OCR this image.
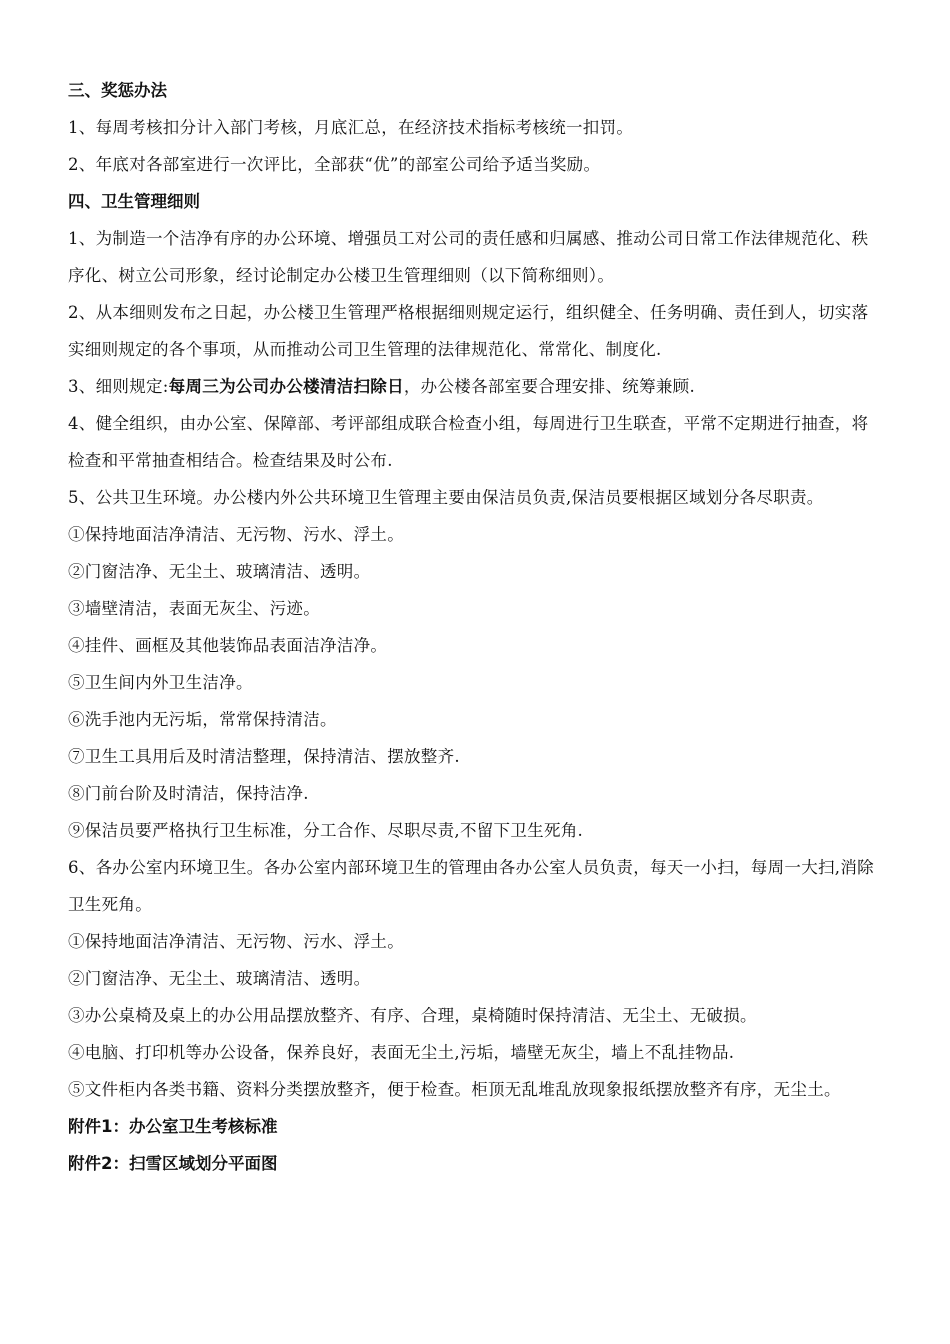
三、奖惩办法

1、每周考核扣分计入部门考核，月底汇总，在经济技术指标考核统一扣罚。

2、年底对各部室进行一次评比，全部获“优”的部室公司给予适当奖励。

四、卫生管理细则

1、为制造一个洁净有序的办公环境、增强员工对公司的责任感和归属感、推动公司日常工作法律规范化、秩序化、树立公司形象，经讨论制定办公楼卫生管理细则（以下简称细则）。

2、从本细则发布之日起，办公楼卫生管理严格根据细则规定运行，组织健全、任务明确、责任到人，切实落实细则规定的各个事项，从而推动公司卫生管理的法律规范化、常常化、制度化.

3、细则规定:每周三为公司办公楼清洁扫除日，办公楼各部室要合理安排、统筹兼顾.

4、健全组织，由办公室、保障部、考评部组成联合检查小组，每周进行卫生联查，平常不定期进行抽查，将检查和平常抽查相结合。检查结果及时公布.

5、公共卫生环境。办公楼内外公共环境卫生管理主要由保洁员负责,保洁员要根据区域划分各尽职责。

①保持地面洁净清洁、无污物、污水、浮土。

②门窗洁净、无尘土、玻璃清洁、透明。

③墙壁清洁，表面无灰尘、污迹。

④挂件、画框及其他装饰品表面洁净洁净。

⑤卫生间内外卫生洁净。

⑥洗手池内无污垢，常常保持清洁。

⑦卫生工具用后及时清洁整理，保持清洁、摆放整齐.

⑧门前台阶及时清洁，保持洁净.

⑨保洁员要严格执行卫生标准，分工合作、尽职尽责,不留下卫生死角.

6、各办公室内环境卫生。各办公室内部环境卫生的管理由各办公室人员负责，每天一小扫，每周一大扫,消除卫生死角。

①保持地面洁净清洁、无污物、污水、浮土。

②门窗洁净、无尘土、玻璃清洁、透明。

③办公桌椅及桌上的办公用品摆放整齐、有序、合理，桌椅随时保持清洁、无尘土、无破损。

④电脑、打印机等办公设备，保养良好，表面无尘土,污垢，墙壁无灰尘，墙上不乱挂物品.

⑤文件柜内各类书籍、资料分类摆放整齐，便于检查。柜顶无乱堆乱放现象报纸摆放整齐有序，无尘土。

附件1：办公室卫生考核标准

附件2：扫雪区域划分平面图
